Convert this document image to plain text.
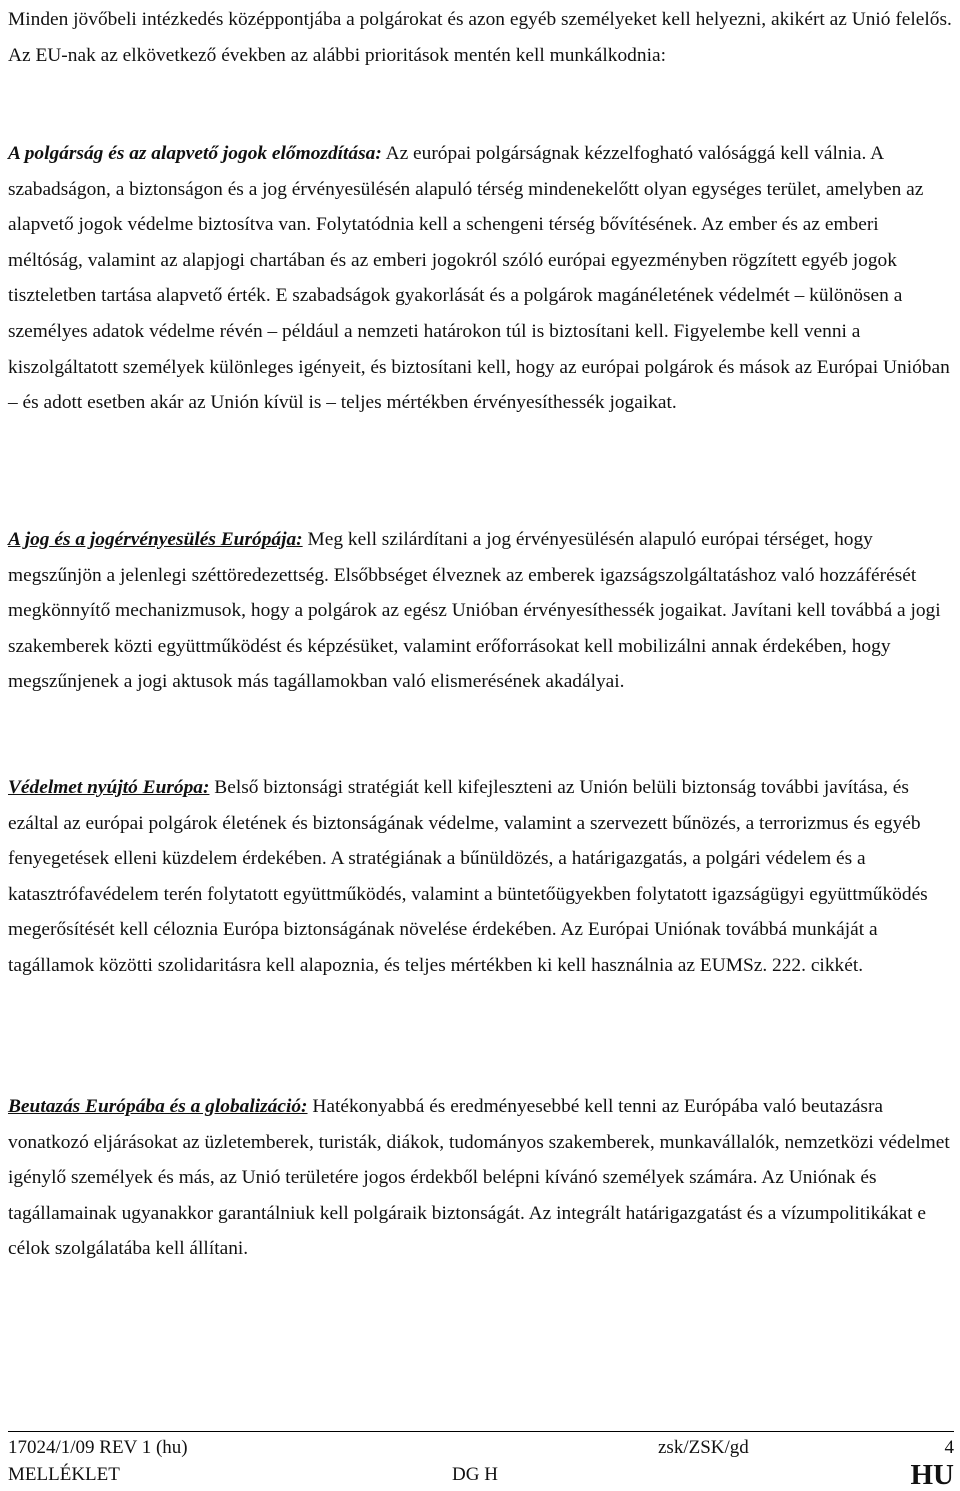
Minden jövőbeli intézkedés középpontjába a polgárokat és azon egyéb személyeket kell helyezni, akikért az Unió felelős. Az EU-nak az elkövetkező években az alábbi prioritások mentén kell munkálkodnia:

A polgárság és az alapvető jogok előmozdítása: Az európai polgárságnak kézzelfogható valósággá kell válnia. A szabadságon, a biztonságon és a jog érvényesülésén alapuló térség mindenekelőtt olyan egységes terület, amelyben az alapvető jogok védelme biztosítva van. Folytatódnia kell a schengeni térség bővítésének. Az ember és az emberi méltóság, valamint az alapjogi chartában és az emberi jogokról szóló európai egyezményben rögzített egyéb jogok tiszteletben tartása alapvető érték. E szabadságok gyakorlását és a polgárok magánéletének védelmét – különösen a személyes adatok védelme révén – például a nemzeti határokon túl is biztosítani kell. Figyelembe kell venni a kiszolgáltatott személyek különleges igényeit, és biztosítani kell, hogy az európai polgárok és mások az Európai Unióban – és adott esetben akár az Unión kívül is – teljes mértékben érvényesíthessék jogaikat.

A jog és a jogérvényesülés Európája: Meg kell szilárdítani a jog érvényesülésén alapuló európai térséget, hogy megszűnjön a jelenlegi széttöredezettség. Elsőbbséget élveznek az emberek igazságszolgáltatáshoz való hozzáférését megkönnyítő mechanizmusok, hogy a polgárok az egész Unióban érvényesíthessék jogaikat. Javítani kell továbbá a jogi szakemberek közti együttműködést és képzésüket, valamint erőforrásokat kell mobilizálni annak érdekében, hogy megszűnjenek a jogi aktusok más tagállamokban való elismerésének akadályai.

Védelmet nyújtó Európa: Belső biztonsági stratégiát kell kifejleszteni az Unión belüli biztonság további javítása, és ezáltal az európai polgárok életének és biztonságának védelme, valamint a szervezett bűnözés, a terrorizmus és egyéb fenyegetések elleni küzdelem érdekében. A stratégiának a bűnüldözés, a határigazgatás, a polgári védelem és a katasztrófavédelem terén folytatott együttműködés, valamint a büntetőügyekben folytatott igazságügyi együttműködés megerősítését kell céloznia Európa biztonságának növelése érdekében. Az Európai Uniónak továbbá munkáját a tagállamok közötti szolidaritásra kell alapoznia, és teljes mértékben ki kell használnia az EUMSz. 222. cikkét.

Beutazás Európába és a globalizáció: Hatékonyabbá és eredményesebbé kell tenni az Európába való beutazásra vonatkozó eljárásokat az üzletemberek, turisták, diákok, tudományos szakemberek, munkavállalók, nemzetközi védelmet igénylő személyek és más, az Unió területére jogos érdekből belépni kívánó személyek számára. Az Uniónak és tagállamainak ugyanakkor garantálniuk kell polgáraik biztonságát. Az integrált határigazgatást és a vízumpolitikákat e célok szolgálatába kell állítani.

17024/1/09 REV 1 (hu)	zsk/ZSK/gd	4
MELLÉKLET	DG H	HU
